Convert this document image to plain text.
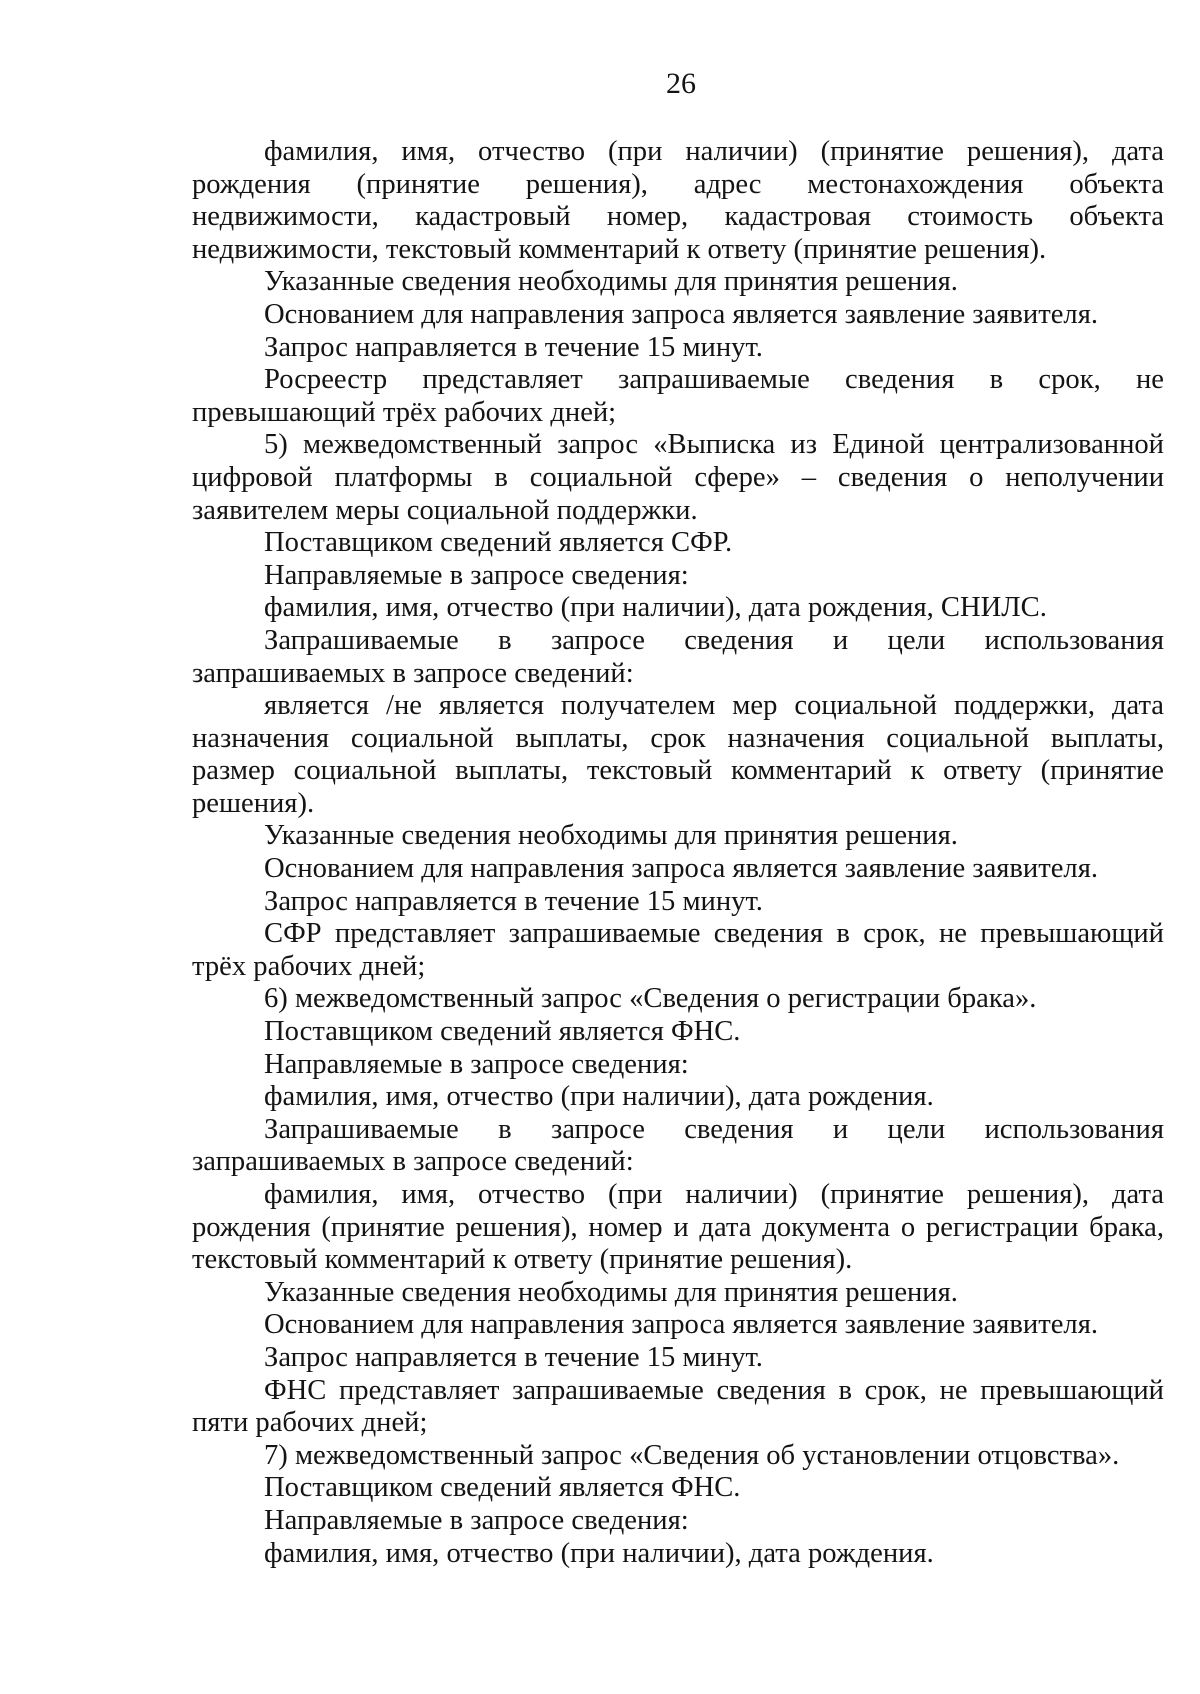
26

фамилия, имя, отчество (при наличии) (принятие решения), дата рождения (принятие решения), адрес местонахождения объекта недвижимости, кадастровый номер, кадастровая стоимость объекта недвижимости, текстовый комментарий к ответу (принятие решения).

Указанные сведения необходимы для принятия решения.

Основанием для направления запроса является заявление заявителя.

Запрос направляется в течение 15 минут.

Росреестр представляет запрашиваемые сведения в срок, не превышающий трёх рабочих дней;

5) межведомственный запрос «Выписка из Единой централизованной цифровой платформы в социальной сфере» – сведения о неполучении заявителем меры социальной поддержки.

Поставщиком сведений является СФР.

Направляемые в запросе сведения:

фамилия, имя, отчество (при наличии), дата рождения, СНИЛС.

Запрашиваемые в запросе сведения и цели использования запрашиваемых в запросе сведений:

является /не является получателем мер социальной поддержки, дата назначения социальной выплаты, срок назначения социальной выплаты, размер социальной выплаты, текстовый комментарий к ответу (принятие решения).

Указанные сведения необходимы для принятия решения.

Основанием для направления запроса является заявление заявителя.

Запрос направляется в течение 15 минут.

СФР представляет запрашиваемые сведения в срок, не превышающий трёх рабочих дней;

6) межведомственный запрос «Сведения о регистрации брака».

Поставщиком сведений является ФНС.

Направляемые в запросе сведения:

фамилия, имя, отчество (при наличии), дата рождения.

Запрашиваемые в запросе сведения и цели использования запрашиваемых в запросе сведений:

фамилия, имя, отчество (при наличии) (принятие решения), дата рождения (принятие решения), номер и дата документа о регистрации брака, текстовый комментарий к ответу (принятие решения).

Указанные сведения необходимы для принятия решения.

Основанием для направления запроса является заявление заявителя.

Запрос направляется в течение 15 минут.

ФНС представляет запрашиваемые сведения в срок, не превышающий пяти рабочих дней;

7) межведомственный запрос «Сведения об установлении отцовства».

Поставщиком сведений является ФНС.

Направляемые в запросе сведения:

фамилия, имя, отчество (при наличии), дата рождения.
